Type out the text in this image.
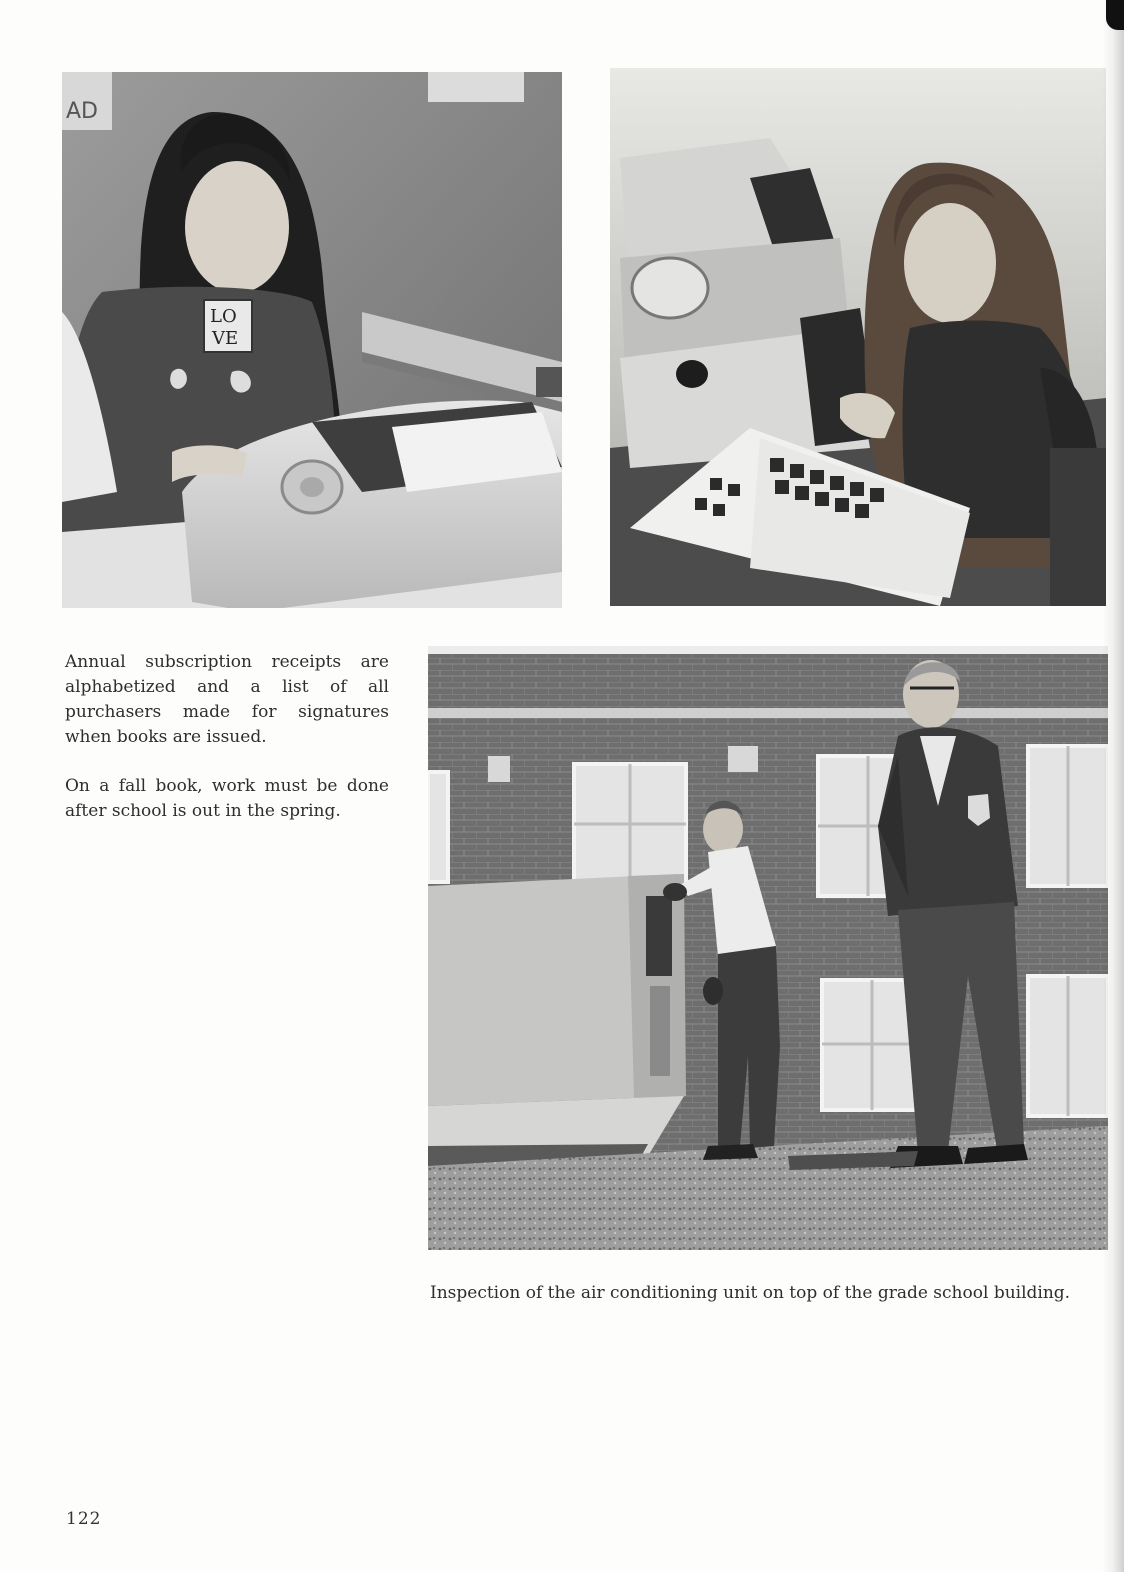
AD
LO
VE

Annual subscription receipts are alphabetized and a list of all purchasers made for signatures when books are issued.

On a fall book, work must be done after school is out in the spring.

Inspection of the air conditioning unit on top of the grade school building.
122
